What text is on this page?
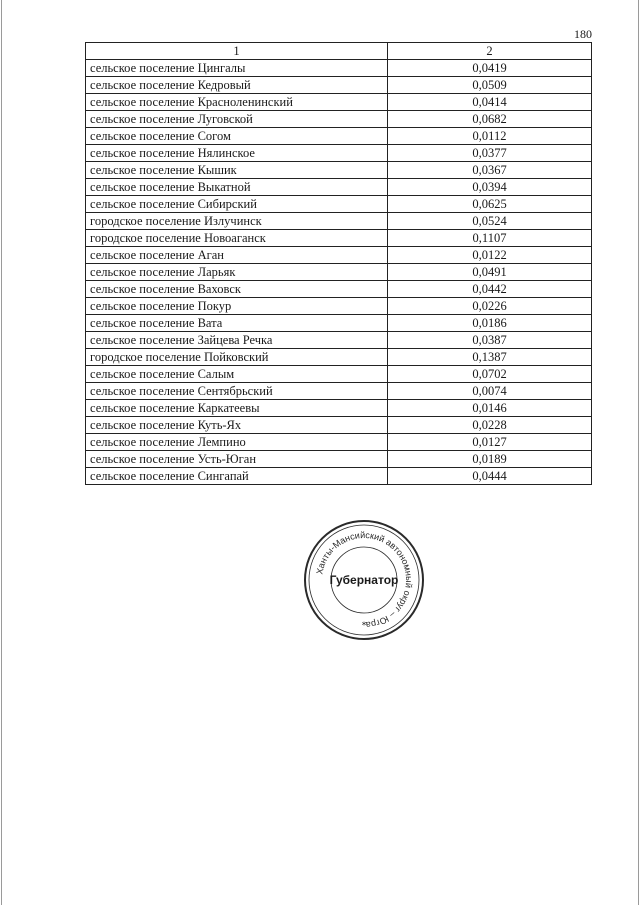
180
1	2
сельское поселение Цингалы	0,0419
сельское поселение Кедровый	0,0509
сельское поселение Красноленинский	0,0414
сельское поселение Луговской	0,0682
сельское поселение Согом	0,0112
сельское поселение Нялинское	0,0377
сельское поселение Кышик	0,0367
сельское поселение Выкатной	0,0394
сельское поселение Сибирский	0,0625
городское поселение Излучинск	0,0524
городское поселение Новоаганск	0,1107
сельское поселение Аган	0,0122
сельское поселение Ларьяк	0,0491
сельское поселение Ваховск	0,0442
сельское поселение Покур	0,0226
сельское поселение Вата	0,0186
сельское поселение Зайцева Речка	0,0387
городское поселение Пойковский	0,1387
сельское поселение Салым	0,0702
сельское поселение Сентябрьский	0,0074
сельское поселение Каркатеевы	0,0146
сельское поселение Куть-Ях	0,0228
сельское поселение Лемпино	0,0127
сельское поселение Усть-Юган	0,0189
сельское поселение Сингапай	0,0444
Ханты-Мансийский автономный округ – Югра
Губернатор
*
